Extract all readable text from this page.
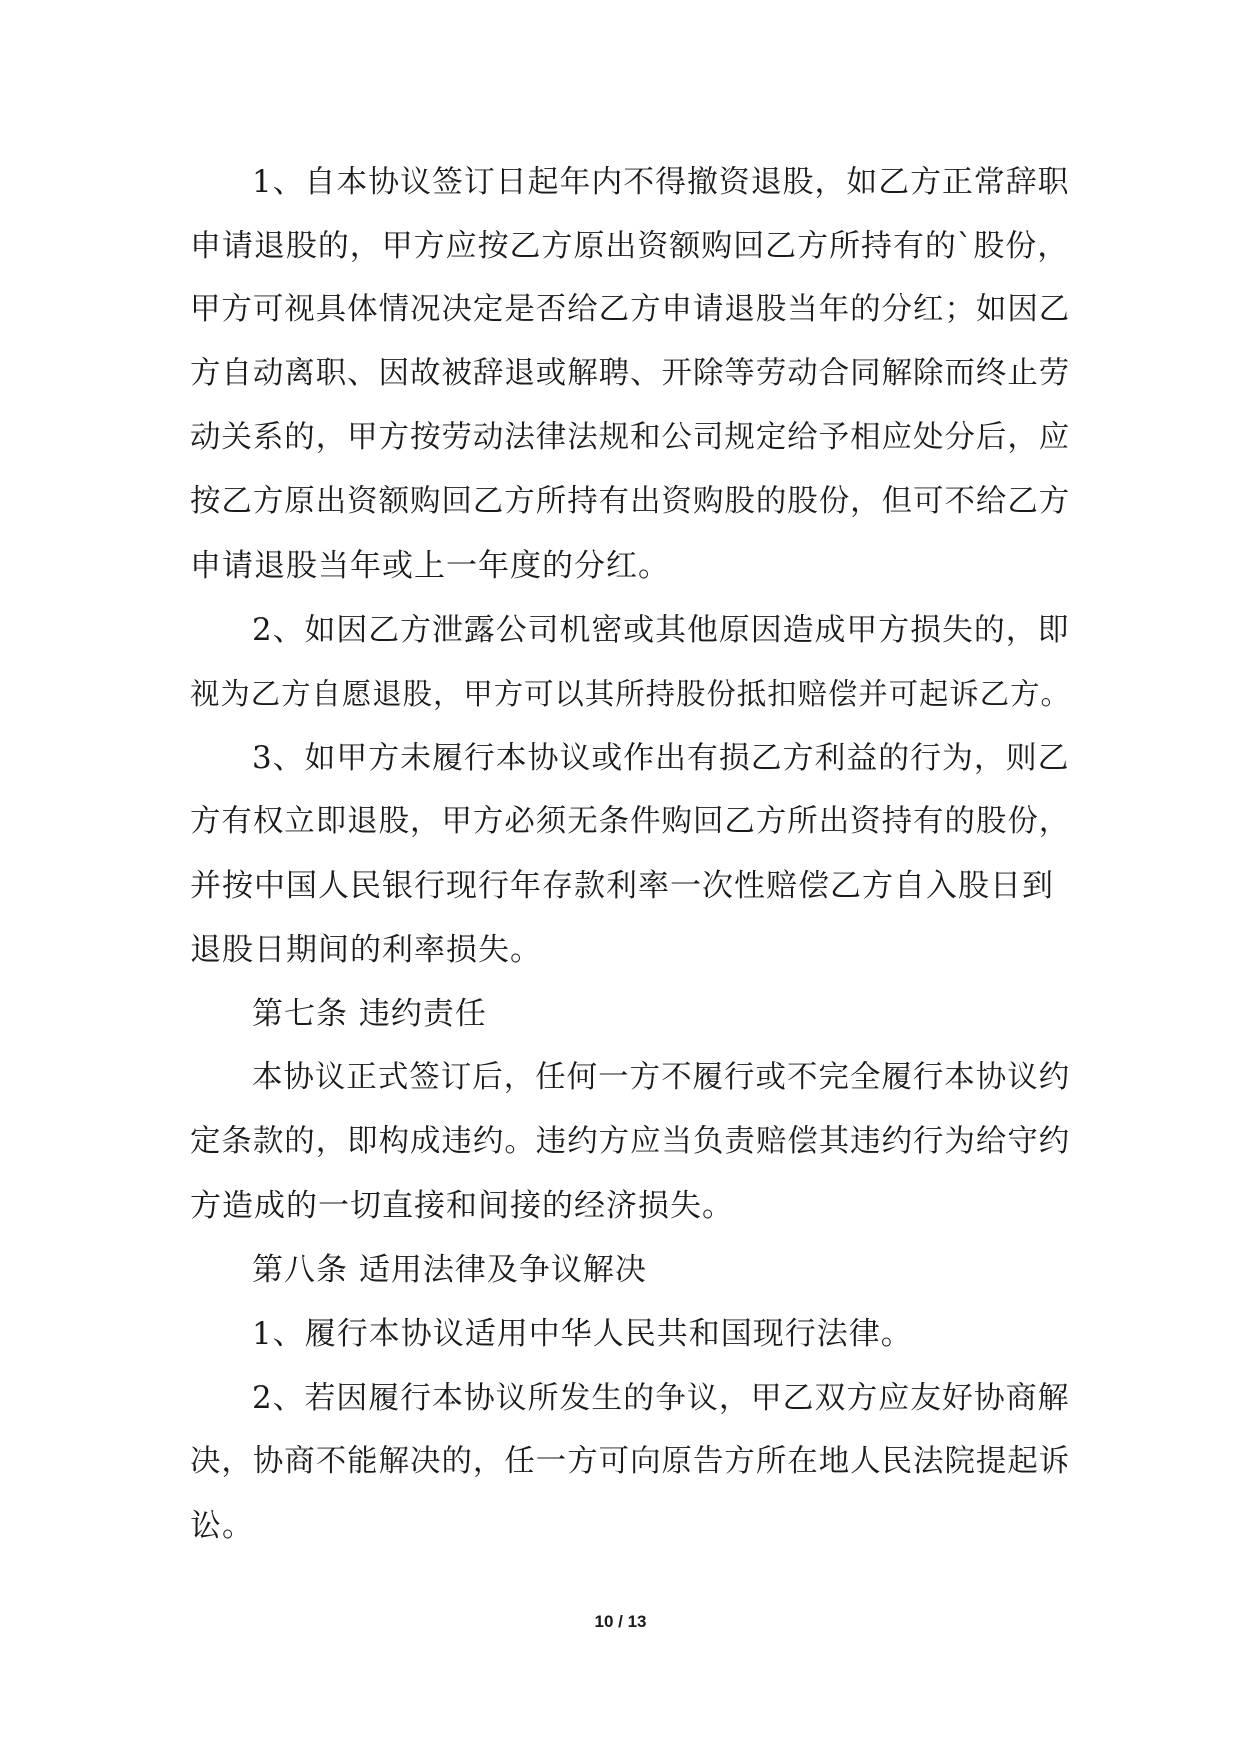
1、自本协议签订日起年内不得撤资退股，如乙方正常辞职
申请退股的，甲方应按乙方原出资额购回乙方所持有的`股份，
甲方可视具体情况决定是否给乙方申请退股当年的分红；如因乙
方自动离职、因故被辞退或解聘、开除等劳动合同解除而终止劳
动关系的，甲方按劳动法律法规和公司规定给予相应处分后，应
按乙方原出资额购回乙方所持有出资购股的股份，但可不给乙方
申请退股当年或上一年度的分红。
2、如因乙方泄露公司机密或其他原因造成甲方损失的，即
视为乙方自愿退股，甲方可以其所持股份抵扣赔偿并可起诉乙方。
3、如甲方未履行本协议或作出有损乙方利益的行为，则乙
方有权立即退股，甲方必须无条件购回乙方所出资持有的股份，
并按中国人民银行现行年存款利率一次性赔偿乙方自入股日到
退股日期间的利率损失。
第七条 违约责任
本协议正式签订后，任何一方不履行或不完全履行本协议约
定条款的，即构成违约。违约方应当负责赔偿其违约行为给守约
方造成的一切直接和间接的经济损失。
第八条 适用法律及争议解决
1、履行本协议适用中华人民共和国现行法律。
2、若因履行本协议所发生的争议，甲乙双方应友好协商解
决，协商不能解决的，任一方可向原告方所在地人民法院提起诉
讼。
10 / 13
